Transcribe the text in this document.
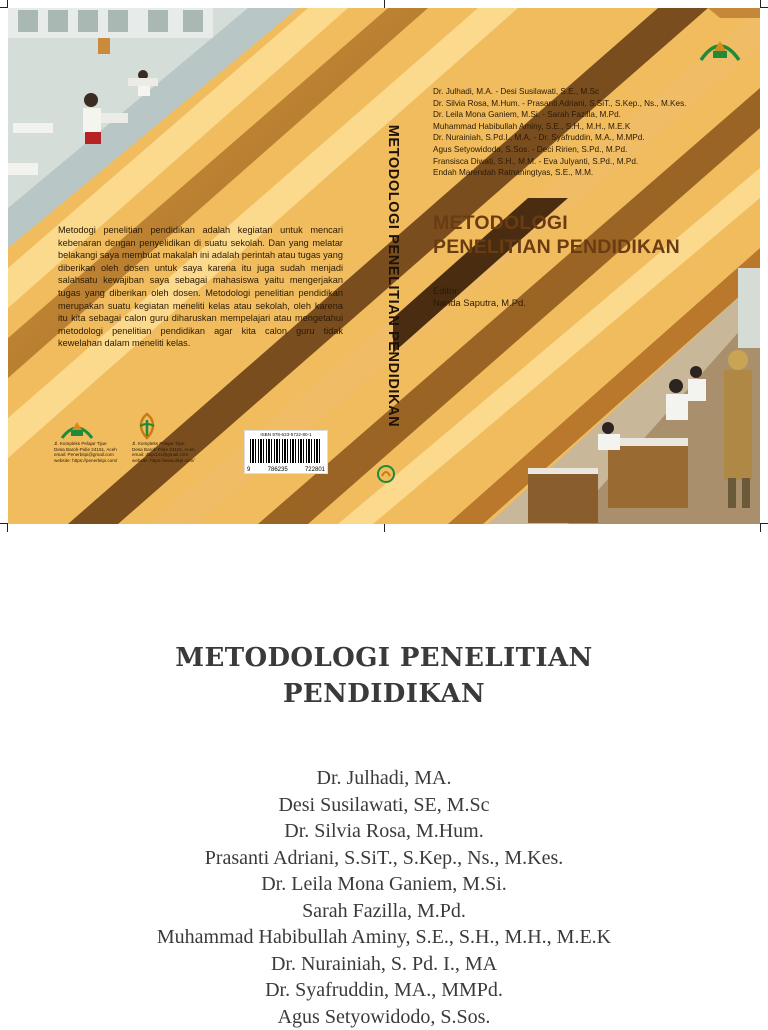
Metodogi penelitian pendidikan adalah kegiatan untuk mencari kebenaran dengan penyelidikan di suatu sekolah. Dan yang melatar belakangi saya membuat makalah ini adalah perintah atau tugas yang diberikan oleh dosen untuk saya karena itu juga sudah menjadi salahsatu kewajiban saya sebagai mahasiswa yaitu mengerjakan tugas yang diberikan oleh dosen. Metodologi penelitian pendidikan merupakan suatu kegiatan meneliti kelas atau sekolah, oleh karena itu kita sebagai calon guru diharuskan mempelajari atau mengetahui metodologi penelitian pendidikan agar kita calon guru tidak kewelahan dalam meneliti kelas.

Jl. Kompleks Pelajar Tijue
Desa Baroh-Pidie 24151, Aceh
email: Penerbitpi@gmail.com
website: https://penerbitpi.com/
Jl. Kompleks Pelajar Tijue
Desa Baroh-Pidie 24151, Aceh
email: dlkpi141@gmail.com
website: https://www.dkpi.com/
ISBN 978-623-5722-80-1
9	786235	722801
METODOLOGI PENELITIAN PENDIDIKAN
Dr. Julhadi, M.A. - Desi Susilawati, S.E., M.Sc
Dr. Silvia Rosa, M.Hum. - Prasanti Adriani, S.SiT., S.Kep., Ns., M.Kes.
Dr. Leila Mona Ganiem, M.Si. - Sarah Fazilla, M.Pd.
Muhammad Habibullah Aminy, S.E., S.H., M.H., M.E.K
Dr. Nurainiah, S.Pd.I., M.A. - Dr. Syafruddin, M.A., M.MPd.
Agus Setyowidodo, S.Sos. - Deci Ririen, S.Pd., M.Pd.
Fransisca Diwati, S.H., M.M. - Eva Julyanti, S.Pd., M.Pd.
Endah Marendah Ratnaningtyas, S.E., M.M.
METODOLOGI
PENELITIAN PENDIDIKAN
Editor:
Nanda Saputra, M.Pd.
METODOLOGI PENELITIAN
PENDIDIKAN
Dr. Julhadi, MA.
Desi Susilawati, SE, M.Sc
Dr. Silvia Rosa, M.Hum.
Prasanti Adriani, S.SiT., S.Kep., Ns., M.Kes.
Dr. Leila Mona Ganiem, M.Si.
Sarah Fazilla, M.Pd.
Muhammad Habibullah Aminy, S.E., S.H., M.H., M.E.K
Dr. Nurainiah, S. Pd. I., MA
Dr. Syafruddin, MA., MMPd.
Agus Setyowidodo, S.Sos.
